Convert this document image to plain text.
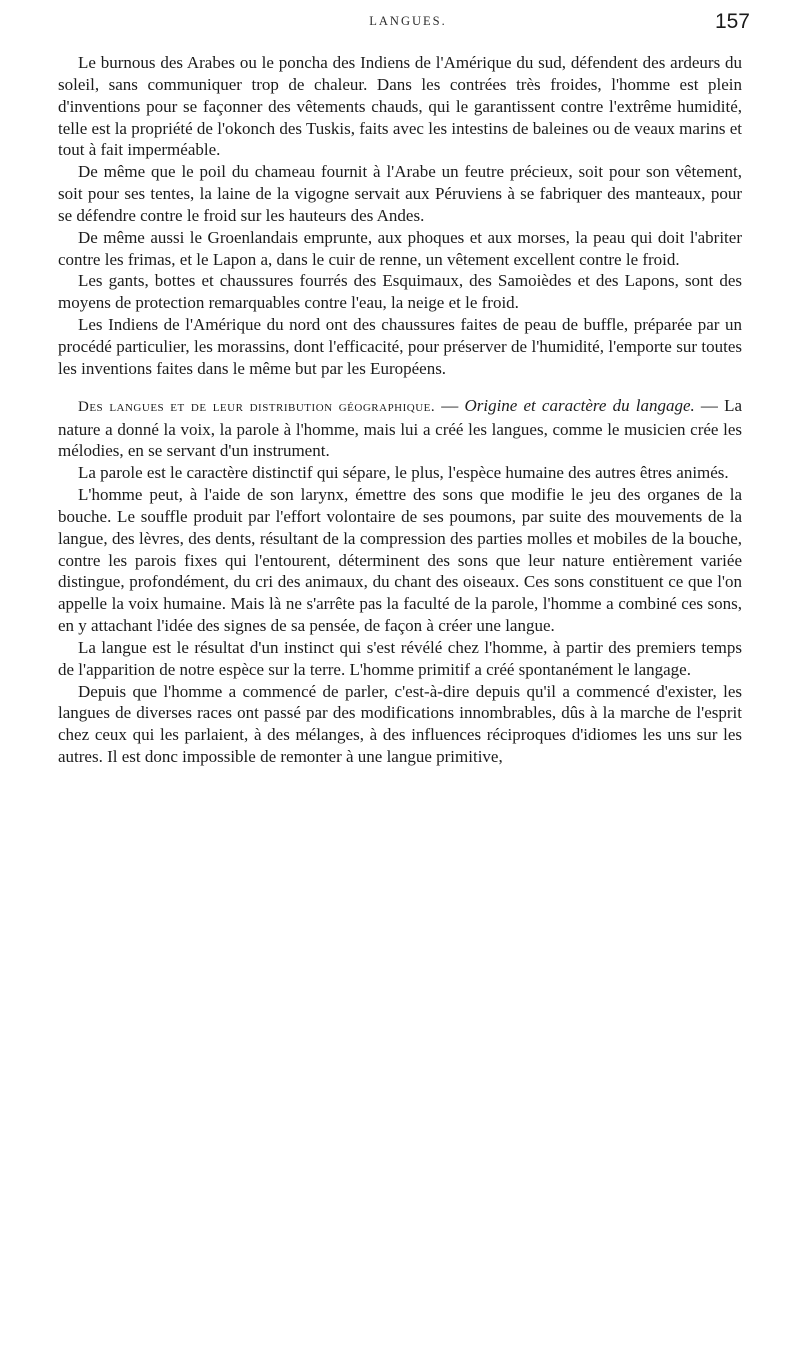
LANGUES.	157

Le burnous des Arabes ou le poncha des Indiens de l'Amérique du sud, défendent des ardeurs du soleil, sans communiquer trop de chaleur. Dans les contrées très froides, l'homme est plein d'inventions pour se façonner des vêtements chauds, qui le garantissent contre l'extrême humidité, telle est la propriété de l'okonch des Tuskis, faits avec les intestins de baleines ou de veaux marins et tout à fait imperméable.

De même que le poil du chameau fournit à l'Arabe un feutre précieux, soit pour son vêtement, soit pour ses tentes, la laine de la vigogne servait aux Péruviens à se fabriquer des manteaux, pour se défendre contre le froid sur les hauteurs des Andes.

De même aussi le Groenlandais emprunte, aux phoques et aux morses, la peau qui doit l'abriter contre les frimas, et le Lapon a, dans le cuir de renne, un vêtement excellent contre le froid.

Les gants, bottes et chaussures fourrés des Esquimaux, des Samoièdes et des Lapons, sont des moyens de protection remarquables contre l'eau, la neige et le froid.

Les Indiens de l'Amérique du nord ont des chaussures faites de peau de buffle, préparée par un procédé particulier, les morassins, dont l'efficacité, pour préserver de l'humidité, l'emporte sur toutes les inventions faites dans le même but par les Européens.

Des langues et de leur distribution géographique. — Origine et caractère du langage. — La nature a donné la voix, la parole à l'homme, mais lui a créé les langues, comme le musicien crée les mélodies, en se servant d'un instrument.

La parole est le caractère distinctif qui sépare, le plus, l'espèce humaine des autres êtres animés.

L'homme peut, à l'aide de son larynx, émettre des sons que modifie le jeu des organes de la bouche. Le souffle produit par l'effort volontaire de ses poumons, par suite des mouvements de la langue, des lèvres, des dents, résultant de la compression des parties molles et mobiles de la bouche, contre les parois fixes qui l'entourent, déterminent des sons que leur nature entièrement variée distingue, profondément, du cri des animaux, du chant des oiseaux. Ces sons constituent ce que l'on appelle la voix humaine. Mais là ne s'arrête pas la faculté de la parole, l'homme a combiné ces sons, en y attachant l'idée des signes de sa pensée, de façon à créer une langue.

La langue est le résultat d'un instinct qui s'est révélé chez l'homme, à partir des premiers temps de l'apparition de notre espèce sur la terre. L'homme primitif a créé spontanément le langage.

Depuis que l'homme a commencé de parler, c'est-à-dire depuis qu'il a commencé d'exister, les langues de diverses races ont passé par des modifications innombrables, dûs à la marche de l'esprit chez ceux qui les parlaient, à des mélanges, à des influences réciproques d'idiomes les uns sur les autres. Il est donc impossible de remonter à une langue primitive,
